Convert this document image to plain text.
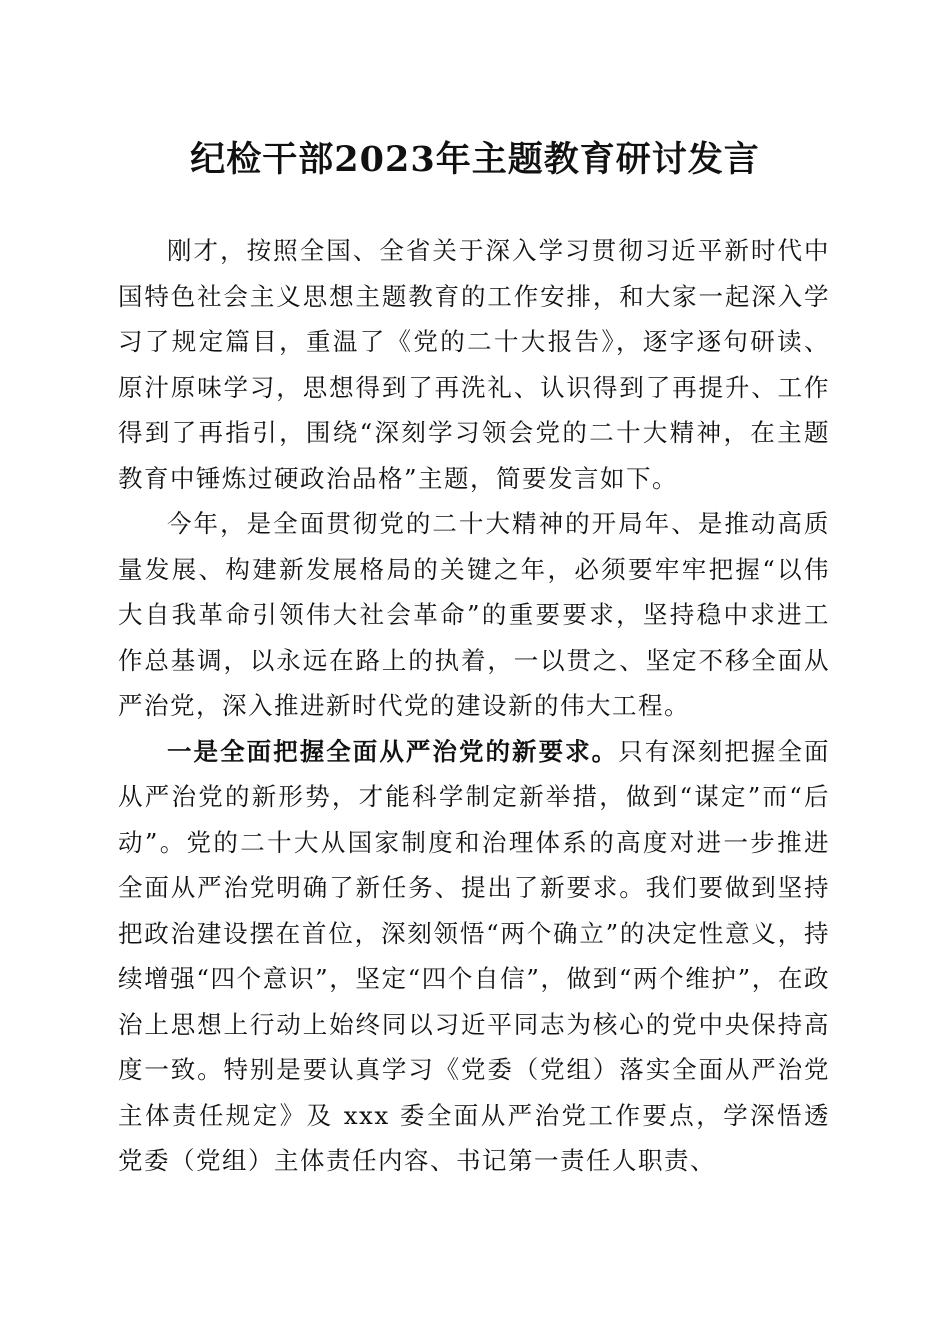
纪检干部2023年主题教育研讨发言

刚才，按照全国、全省关于深入学习贯彻习近平新时代中国特色社会主义思想主题教育的工作安排，和大家一起深入学习了规定篇目，重温了《党的二十大报告》，逐字逐句研读、原汁原味学习，思想得到了再洗礼、认识得到了再提升、工作得到了再指引，围绕“深刻学习领会党的二十大精神，在主题教育中锤炼过硬政治品格”主题，简要发言如下。

今年，是全面贯彻党的二十大精神的开局年、是推动高质量发展、构建新发展格局的关键之年，必须要牢牢把握“以伟大自我革命引领伟大社会革命”的重要要求，坚持稳中求进工作总基调，以永远在路上的执着，一以贯之、坚定不移全面从严治党，深入推进新时代党的建设新的伟大工程。

一是全面把握全面从严治党的新要求。只有深刻把握全面从严治党的新形势，才能科学制定新举措，做到“谋定”而“后动”。党的二十大从国家制度和治理体系的高度对进一步推进全面从严治党明确了新任务、提出了新要求。我们要做到坚持把政治建设摆在首位，深刻领悟“两个确立”的决定性意义，持续增强“四个意识”，坚定“四个自信”，做到“两个维护”，在政治上思想上行动上始终同以习近平同志为核心的党中央保持高度一致。特别是要认真学习《党委（党组）落实全面从严治党主体责任规定》及 xxx 委全面从严治党工作要点，学深悟透党委（党组）主体责任内容、书记第一责任人职责、
